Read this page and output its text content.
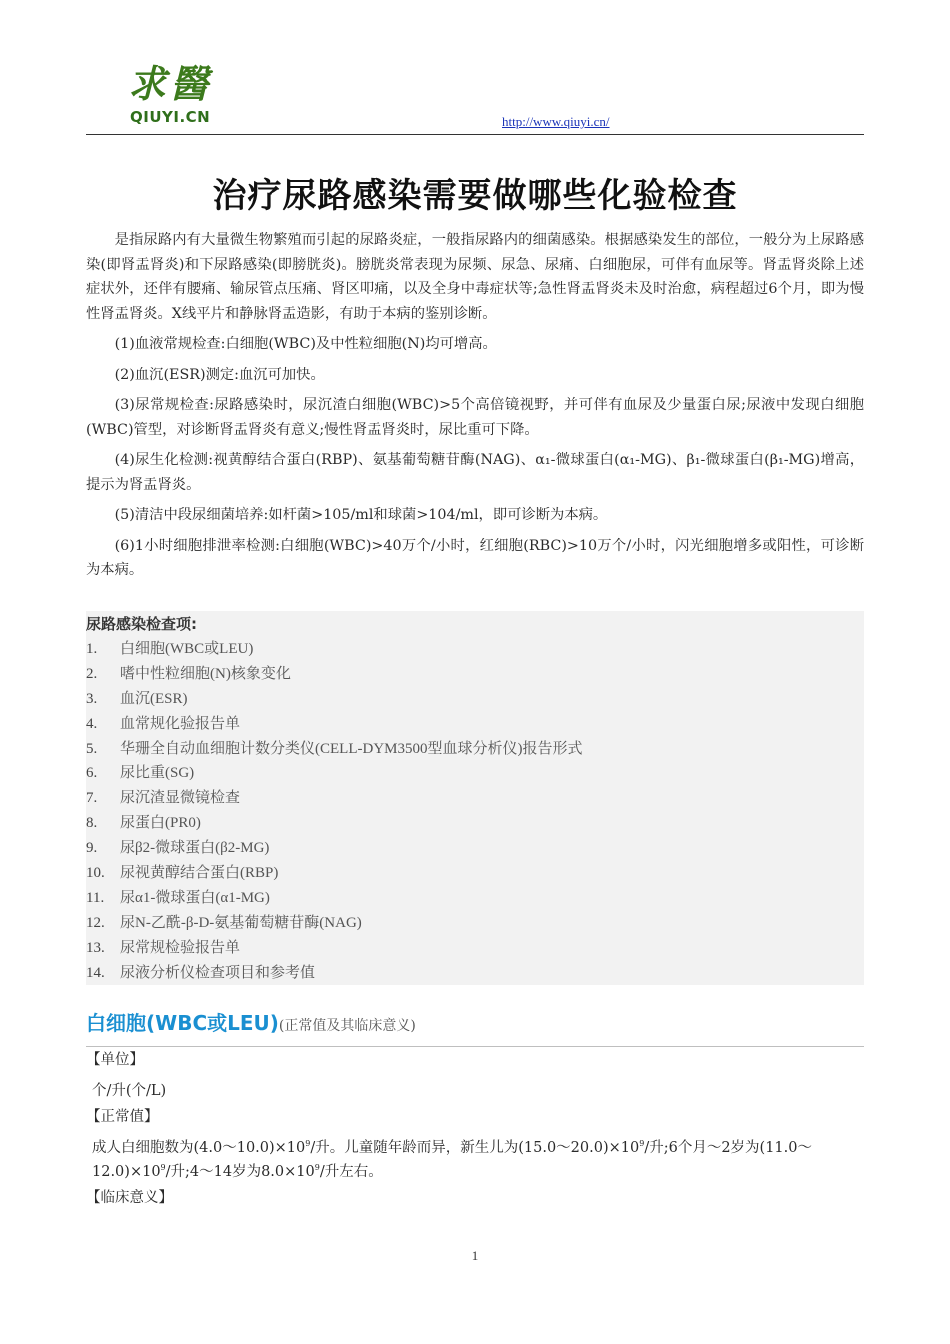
求醫
QIUYI.CN	http://www.qiuyi.cn/
治疗尿路感染需要做哪些化验检查

是指尿路内有大量微生物繁殖而引起的尿路炎症，一般指尿路内的细菌感染。根据感染发生的部位，一般分为上尿路感染(即肾盂肾炎)和下尿路感染(即膀胱炎)。膀胱炎常表现为尿频、尿急、尿痛、白细胞尿，可伴有血尿等。肾盂肾炎除上述症状外，还伴有腰痛、输尿管点压痛、肾区叩痛，以及全身中毒症状等;急性肾盂肾炎未及时治愈，病程超过6个月，即为慢性肾盂肾炎。X线平片和静脉肾盂造影，有助于本病的鉴别诊断。

(1)血液常规检查:白细胞(WBC)及中性粒细胞(N)均可增高。

(2)血沉(ESR)测定:血沉可加快。

(3)尿常规检查:尿路感染时，尿沉渣白细胞(WBC)>5个高倍镜视野，并可伴有血尿及少量蛋白尿;尿液中发现白细胞(WBC)管型，对诊断肾盂肾炎有意义;慢性肾盂肾炎时，尿比重可下降。

(4)尿生化检测:视黄醇结合蛋白(RBP)、氨基葡萄糖苷酶(NAG)、α₁-微球蛋白(α₁-MG)、β₁-微球蛋白(β₁-MG)增高，提示为肾盂肾炎。

(5)清洁中段尿细菌培养:如杆菌>105/ml和球菌>104/ml，即可诊断为本病。

(6)1小时细胞排泄率检测:白细胞(WBC)>40万个/小时，红细胞(RBC)>10万个/小时，闪光细胞增多或阳性，可诊断为本病。

尿路感染检查项:
1. 白细胞(WBC或LEU)
2. 嗜中性粒细胞(N)核象变化
3. 血沉(ESR)
4. 血常规化验报告单
5. 华珊全自动血细胞计数分类仪(CELL-DYM3500型血球分析仪)报告形式
6. 尿比重(SG)
7. 尿沉渣显微镜检查
8. 尿蛋白(PR0)
9. 尿β2-微球蛋白(β2-MG)
10. 尿视黄醇结合蛋白(RBP)
11. 尿α1-微球蛋白(α1-MG)
12. 尿N-乙酰-β-D-氨基葡萄糖苷酶(NAG)
13. 尿常规检验报告单
14. 尿液分析仪检查项目和参考值
白细胞(WBC或LEU)(正常值及其临床意义)

【单位】

个/升(个/L)

【正常值】

成人白细胞数为$(4.0\sim 10.0)\times 10^9/$升。儿童随年龄而异，新生儿为$(15.0\sim 20.0)\times 10^9/$升;6个月～2岁为$(11.0\sim 12.0)\times 10^9/$升;4～14岁为$8.0\times 10^9/$升左右。

【临床意义】

1
